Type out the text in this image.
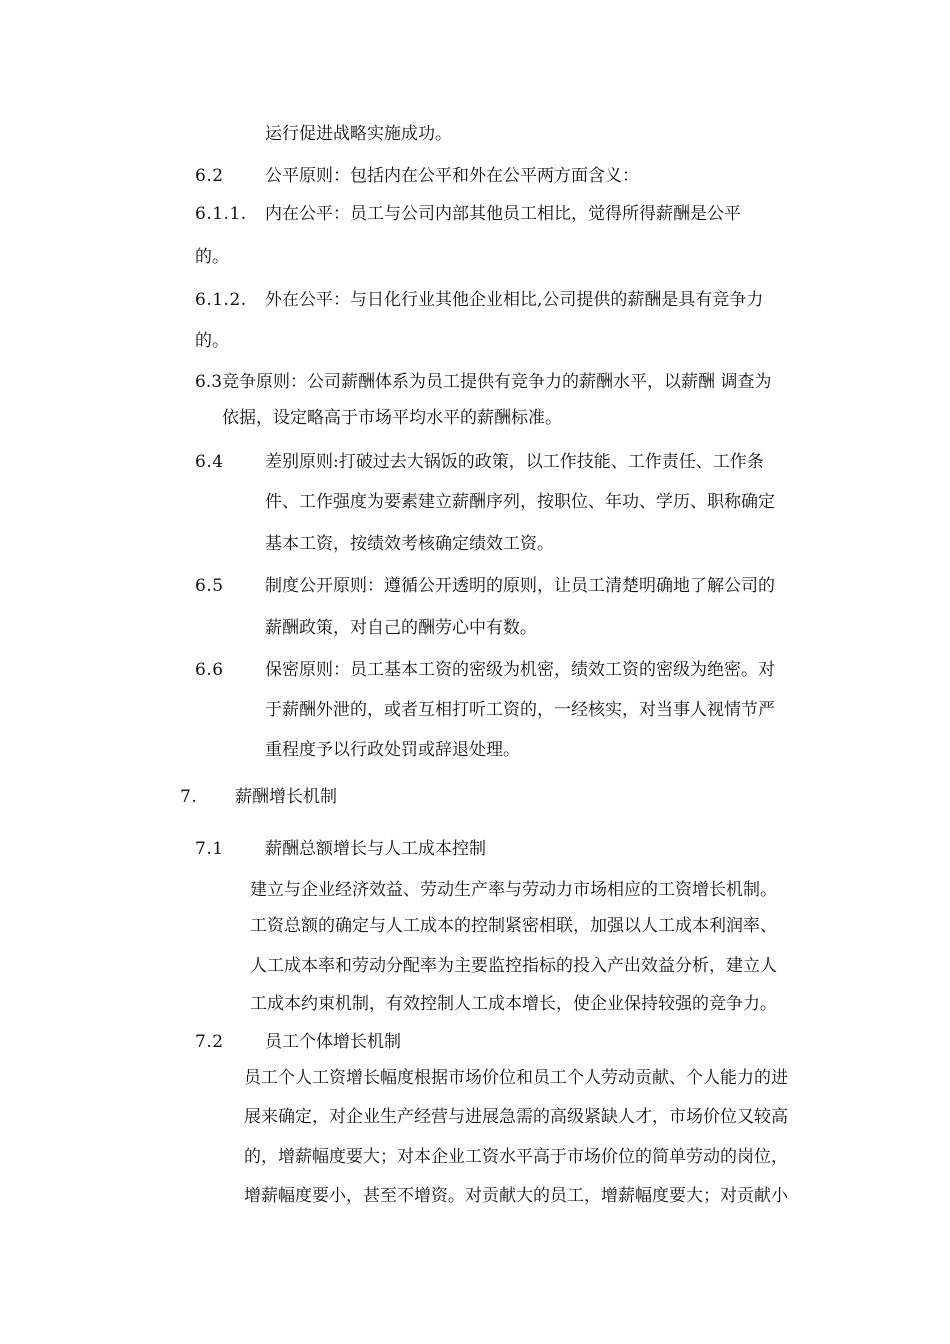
运行促进战略实施成功。
6.2 公平原则：包括内在公平和外在公平两方面含义：
6.1.1. 内在公平：员工与公司内部其他员工相比，觉得所得薪酬是公平
的。
6.1.2. 外在公平：与日化行业其他企业相比,公司提供的薪酬是具有竞争力
的。
6.3竞争原则：公司薪酬体系为员工提供有竞争力的薪酬水平，以薪酬 调查为
依据，设定略高于市场平均水平的薪酬标准。
6.4 差别原则:打破过去大锅饭的政策，以工作技能、工作责任、工作条
件、工作强度为要素建立薪酬序列，按职位、年功、学历、职称确定
基本工资，按绩效考核确定绩效工资。
6.5 制度公开原则：遵循公开透明的原则，让员工清楚明确地了解公司的
薪酬政策，对自己的酬劳心中有数。
6.6 保密原则：员工基本工资的密级为机密，绩效工资的密级为绝密。对
于薪酬外泄的，或者互相打听工资的，一经核实，对当事人视情节严
重程度予以行政处罚或辞退处理。
7. 薪酬增长机制
7.1 薪酬总额增长与人工成本控制
建立与企业经济效益、劳动生产率与劳动力市场相应的工资增长机制。
工资总额的确定与人工成本的控制紧密相联，加强以人工成本利润率、
人工成本率和劳动分配率为主要监控指标的投入产出效益分析，建立人
工成本约束机制，有效控制人工成本增长，使企业保持较强的竞争力。
7.2 员工个体增长机制
员工个人工资增长幅度根据市场价位和员工个人劳动贡献、个人能力的进
展来确定，对企业生产经营与进展急需的高级紧缺人才，市场价位又较高
的，增薪幅度要大；对本企业工资水平高于市场价位的简单劳动的岗位，
增薪幅度要小，甚至不增资。对贡献大的员工，增薪幅度要大；对贡献小
